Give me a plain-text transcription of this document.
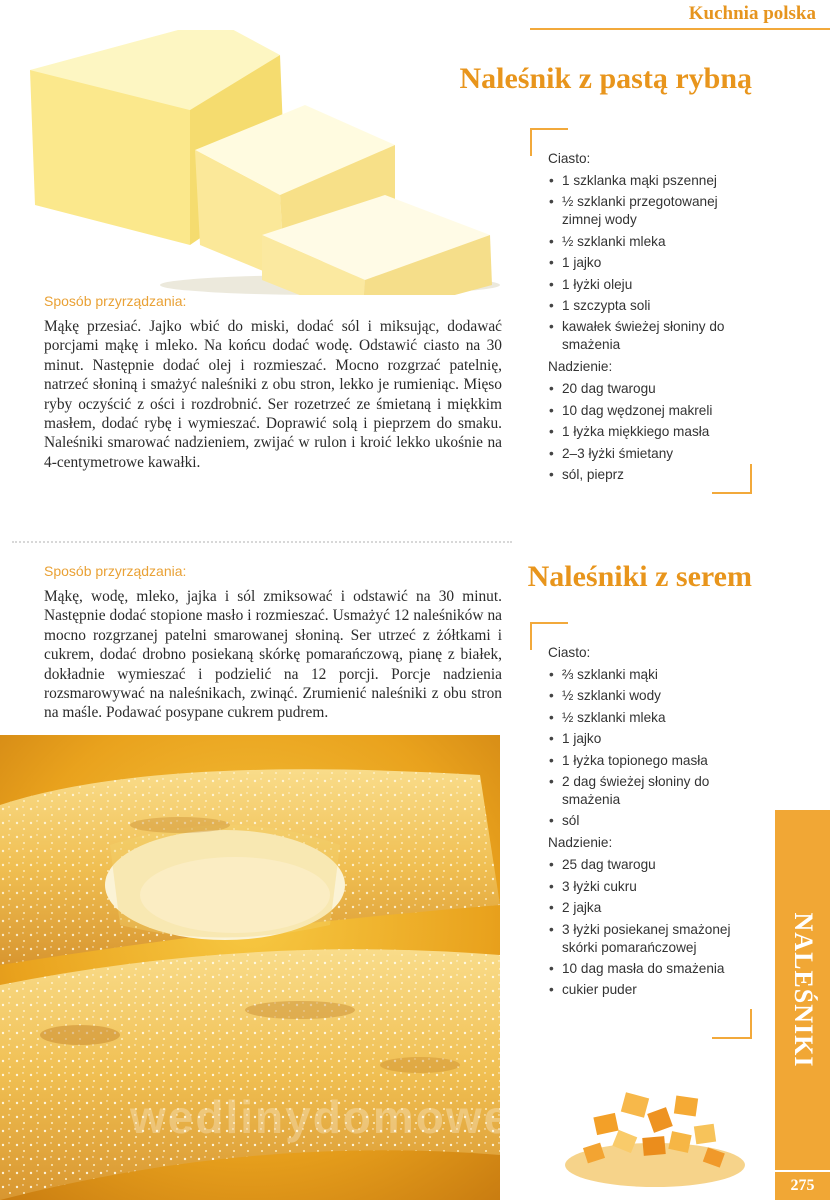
Kuchnia polska
Naleśnik z pastą rybną
Sposób przyrządzania:
Mąkę przesiać. Jajko wbić do miski, dodać sól i miksując, dodawać porcjami mąkę i mleko. Na końcu dodać wodę. Odstawić ciasto na 30 minut. Następnie dodać olej i rozmieszać. Mocno rozgrzać patelnię, natrzeć słoniną i smażyć naleśniki z obu stron, lekko je rumieniąc. Mięso ryby oczyścić z ości i rozdrobnić. Ser rozetrzeć ze śmietaną i miękkim masłem, dodać rybę i wymieszać. Doprawić solą i pieprzem do smaku. Naleśniki smarować nadzieniem, zwijać w rulon i kroić lekko ukośnie na 4-centymetrowe kawałki.
Ciasto:
• 1 szklanka mąki pszennej
• ½ szklanki przegotowanej zimnej wody
• ½ szklanki mleka
• 1 jajko
• 1 łyżki oleju
• 1 szczypta soli
• kawałek świeżej słoniny do smażenia
Nadzienie:
• 20 dag twarogu
• 10 dag wędzonej makreli
• 1 łyżka miękkiego masła
• 2–3 łyżki śmietany
• sól, pieprz
Sposób przyrządzania:
Mąkę, wodę, mleko, jajka i sól zmiksować i odstawić na 30 minut. Następnie dodać stopione masło i rozmieszać. Usmażyć 12 naleśników na mocno rozgrzanej patelni smarowanej słoniną. Ser utrzeć z żółtkami i cukrem, dodać drobno posiekaną skórkę pomarańczową, pianę z białek, dokładnie wymieszać i podzielić na 12 porcji. Porcje nadzienia rozsmarowywać na naleśnikach, zwinąć. Zrumienić naleśniki z obu stron na maśle. Podawać posypane cukrem pudrem.
Naleśniki z serem
Ciasto:
• ⅔ szklanki mąki
• ½ szklanki wody
• ½ szklanki mleka
• 1 jajko
• 1 łyżka topionego masła
• 2 dag świeżej słoniny do smażenia
• sól
Nadzienie:
• 25 dag twarogu
• 3 łyżki cukru
• 2 jajka
• 3 łyżki posiekanej smażonej skórki pomarańczowej
• 10 dag masła do smażenia
• cukier puder
wedlinydomowe.pl
NALEŚNIKI
275
